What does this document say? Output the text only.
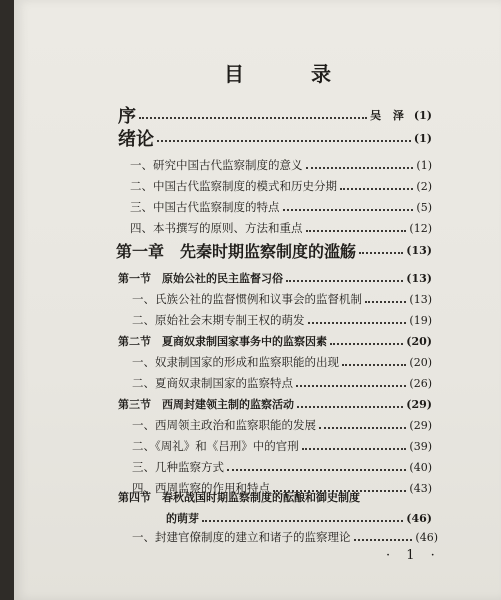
目 录
序	吴 泽 (1)
绪论	(1)
一、研究中国古代监察制度的意义	(1)
二、中国古代监察制度的模式和历史分期	(2)
三、中国古代监察制度的特点	(5)
四、本书撰写的原则、方法和重点	(12)
第一章　先秦时期监察制度的滥觞	(13)
第一节　原始公社的民主监督习俗	(13)
一、氏族公社的监督惯例和议事会的监督机制	(13)
二、原始社会末期专制王权的萌发	(19)
第二节　夏商奴隶制国家事务中的监察因素	(20)
一、奴隶制国家的形成和监察职能的出现	(20)
二、夏商奴隶制国家的监察特点	(26)
第三节　西周封建领主制的监察活动	(29)
一、西周领主政治和监察职能的发展	(29)
二、《周礼》和《吕刑》中的官刑	(39)
三、几种监察方式	(40)
四、西周监察的作用和特点	(43)
第四节　春秋战国时期监察制度的酝酿和御史制度
的萌芽	(46)
一、封建官僚制度的建立和诸子的监察理论	(46)
· 1 ·
